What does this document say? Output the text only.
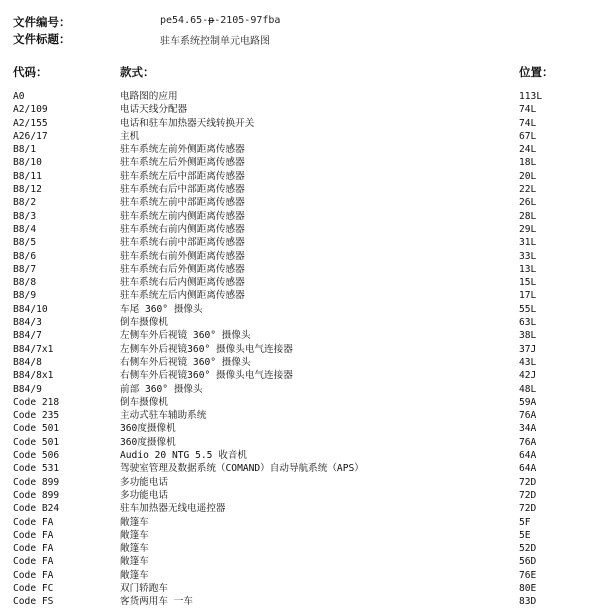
文件编号：	pe54.65-p-2105-97fba
文件标题：	驻车系统控制单元电路图
代码：	款式：	位置：
A0	电路图的应用	113L
A2/109	电话天线分配器	74L
A2/155	电话和驻车加热器天线转换开关	74L
A26/17	主机	67L
B8/1	驻车系统左前外侧距离传感器	24L
B8/10	驻车系统左后外侧距离传感器	18L
B8/11	驻车系统左后中部距离传感器	20L
B8/12	驻车系统右后中部距离传感器	22L
B8/2	驻车系统左前中部距离传感器	26L
B8/3	驻车系统左前内侧距离传感器	28L
B8/4	驻车系统右前内侧距离传感器	29L
B8/5	驻车系统右前中部距离传感器	31L
B8/6	驻车系统右前外侧距离传感器	33L
B8/7	驻车系统右后外侧距离传感器	13L
B8/8	驻车系统右后内侧距离传感器	15L
B8/9	驻车系统左后内侧距离传感器	17L
B84/10	车尾 360° 摄像头	55L
B84/3	倒车摄像机	63L
B84/7	左侧车外后视镜 360° 摄像头	38L
B84/7x1	左侧车外后视镜360° 摄像头电气连接器	37J
B84/8	右侧车外后视镜 360° 摄像头	43L
B84/8x1	右侧车外后视镜360° 摄像头电气连接器	42J
B84/9	前部 360° 摄像头	48L
Code 218	倒车摄像机	59A
Code 235	主动式驻车辅助系统	76A
Code 501	360度摄像机	34A
Code 501	360度摄像机	76A
Code 506	Audio 20 NTG 5.5 收音机	64A
Code 531	驾驶室管理及数据系统（COMAND）自动导航系统（APS）	64A
Code 899	多功能电话	72D
Code 899	多功能电话	72D
Code B24	驻车加热器无线电遥控器	72D
Code FA	敞篷车	5F
Code FA	敞篷车	5E
Code FA	敞篷车	52D
Code FA	敞篷车	56D
Code FA	敞篷车	76E
Code FC	双门轿跑车	80E
Code FS	客货两用车 一车	83D
